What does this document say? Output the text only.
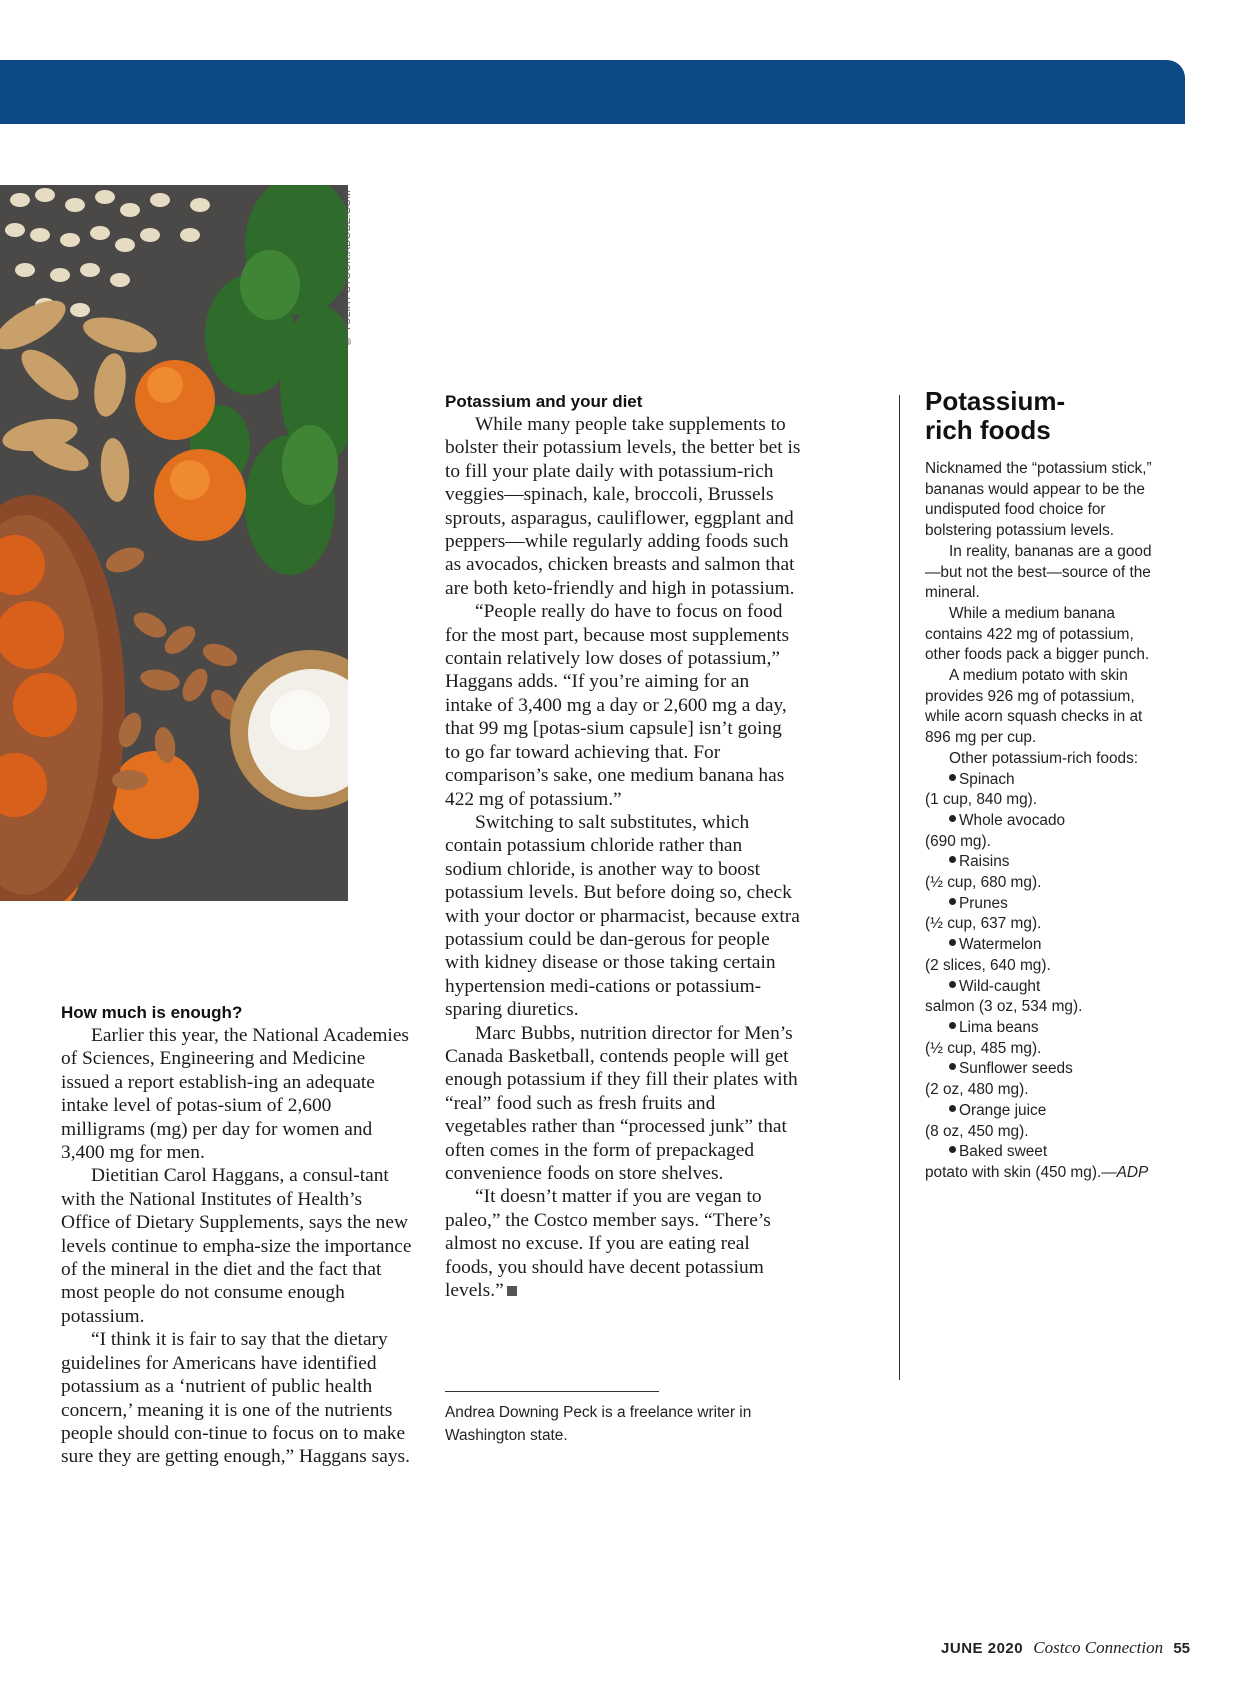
© YULIA / STOCK.ADOBE.COM
How much is enough?

Earlier this year, the National Academies of Sciences, Engineering and Medicine issued a report establish-ing an adequate intake level of potas-sium of 2,600 milligrams (mg) per day for women and 3,400 mg for men.

Dietitian Carol Haggans, a consul-tant with the National Institutes of Health’s Office of Dietary Supplements, says the new levels continue to empha-size the importance of the mineral in the diet and the fact that most people do not consume enough potassium.

“I think it is fair to say that the dietary guidelines for Americans have identified potassium as a ‘nutrient of public health concern,’ meaning it is one of the nutrients people should con-tinue to focus on to make sure they are getting enough,” Haggans says.

Potassium and your diet

While many people take supplements to bolster their potassium levels, the better bet is to fill your plate daily with potassium-rich veggies—spinach, kale, broccoli, Brussels sprouts, asparagus, cauliflower, eggplant and peppers—while regularly adding foods such as avocados, chicken breasts and salmon that are both keto-friendly and high in potassium.

“People really do have to focus on food for the most part, because most supplements contain relatively low doses of potassium,” Haggans adds. “If you’re aiming for an intake of 3,400 mg a day or 2,600 mg a day, that 99 mg [potas-sium capsule] isn’t going to go far toward achieving that. For comparison’s sake, one medium banana has 422 mg of potassium.”

Switching to salt substitutes, which contain potassium chloride rather than sodium chloride, is another way to boost potassium levels. But before doing so, check with your doctor or pharmacist, because extra potassium could be dan-gerous for people with kidney disease or those taking certain hypertension medi-cations or potassium-sparing diuretics.

Marc Bubbs, nutrition director for Men’s Canada Basketball, contends people will get enough potassium if they fill their plates with “real” food such as fresh fruits and vegetables rather than “processed junk” that often comes in the form of prepackaged convenience foods on store shelves.

“It doesn’t matter if you are vegan to paleo,” the Costco member says. “There’s almost no excuse. If you are eating real foods, you should have decent potassium levels.”

Andrea Downing Peck is a freelance writer in Washington state.
Potassium-
rich foods

Nicknamed the “potassium stick,” bananas would appear to be the undisputed food choice for bolstering potassium levels.

In reality, bananas are a good—but not the best—source of the mineral.

While a medium banana contains 422 mg of potassium, other foods pack a bigger punch.

A medium potato with skin provides 926 mg of potassium, while acorn squash checks in at 896 mg per cup.

Other potassium-rich foods:

Spinach
(1 cup, 840 mg).
Whole avocado
(690 mg).
Raisins
(½ cup, 680 mg).
Prunes
(½ cup, 637 mg).
Watermelon
(2 slices, 640 mg).
Wild-caught
salmon (3 oz, 534 mg).
Lima beans
(½ cup, 485 mg).
Sunflower seeds
(2 oz, 480 mg).
Orange juice
(8 oz, 450 mg).
Baked sweet
potato with skin (450 mg).—ADP
JUNE 2020 Costco Connection 55
